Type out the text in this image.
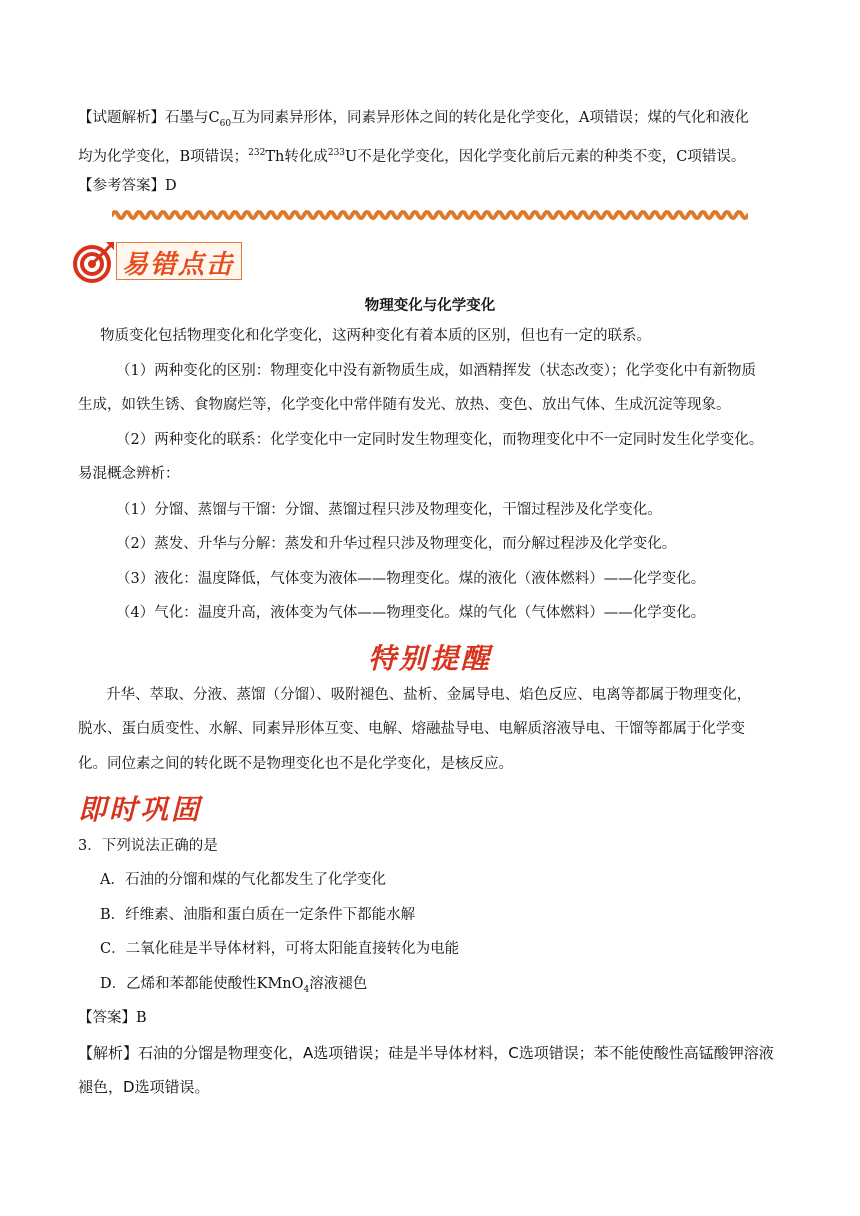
【试题解析】石墨与$C_{60}$互为同素异形体，同素异形体之间的转化是化学变化，A项错误；煤的气化和液化
均为化学变化，B项错误；$^{232}$Th转化成$^{233}$U不是化学变化，因化学变化前后元素的种类不变，C项错误。
【参考答案】D
易错点击
物理变化与化学变化
物质变化包括物理变化和化学变化，这两种变化有着本质的区别，但也有一定的联系。
（1）两种变化的区别：物理变化中没有新物质生成，如酒精挥发（状态改变）；化学变化中有新物质
生成，如铁生锈、食物腐烂等，化学变化中常伴随有发光、放热、变色、放出气体、生成沉淀等现象。
（2）两种变化的联系：化学变化中一定同时发生物理变化，而物理变化中不一定同时发生化学变化。
易混概念辨析：
（1）分馏、蒸馏与干馏：分馏、蒸馏过程只涉及物理变化，干馏过程涉及化学变化。
（2）蒸发、升华与分解：蒸发和升华过程只涉及物理变化，而分解过程涉及化学变化。
（3）液化：温度降低，气体变为液体——物理变化。煤的液化（液体燃料）——化学变化。
（4）气化：温度升高，液体变为气体——物理变化。煤的气化（气体燃料）——化学变化。
特别提醒
升华、萃取、分液、蒸馏（分馏）、吸附褪色、盐析、金属导电、焰色反应、电离等都属于物理变化，
脱水、蛋白质变性、水解、同素异形体互变、电解、熔融盐导电、电解质溶液导电、干馏等都属于化学变
化。同位素之间的转化既不是物理变化也不是化学变化，是核反应。
即时巩固
3．下列说法正确的是
A．石油的分馏和煤的气化都发生了化学变化
B．纤维素、油脂和蛋白质在一定条件下都能水解
C．二氧化硅是半导体材料，可将太阳能直接转化为电能
D．乙烯和苯都能使酸性KMnO$_4$溶液褪色
【答案】B
【解析】石油的分馏是物理变化，A选项错误；硅是半导体材料，C选项错误；苯不能使酸性高锰酸钾溶液
褪色，D选项错误。
